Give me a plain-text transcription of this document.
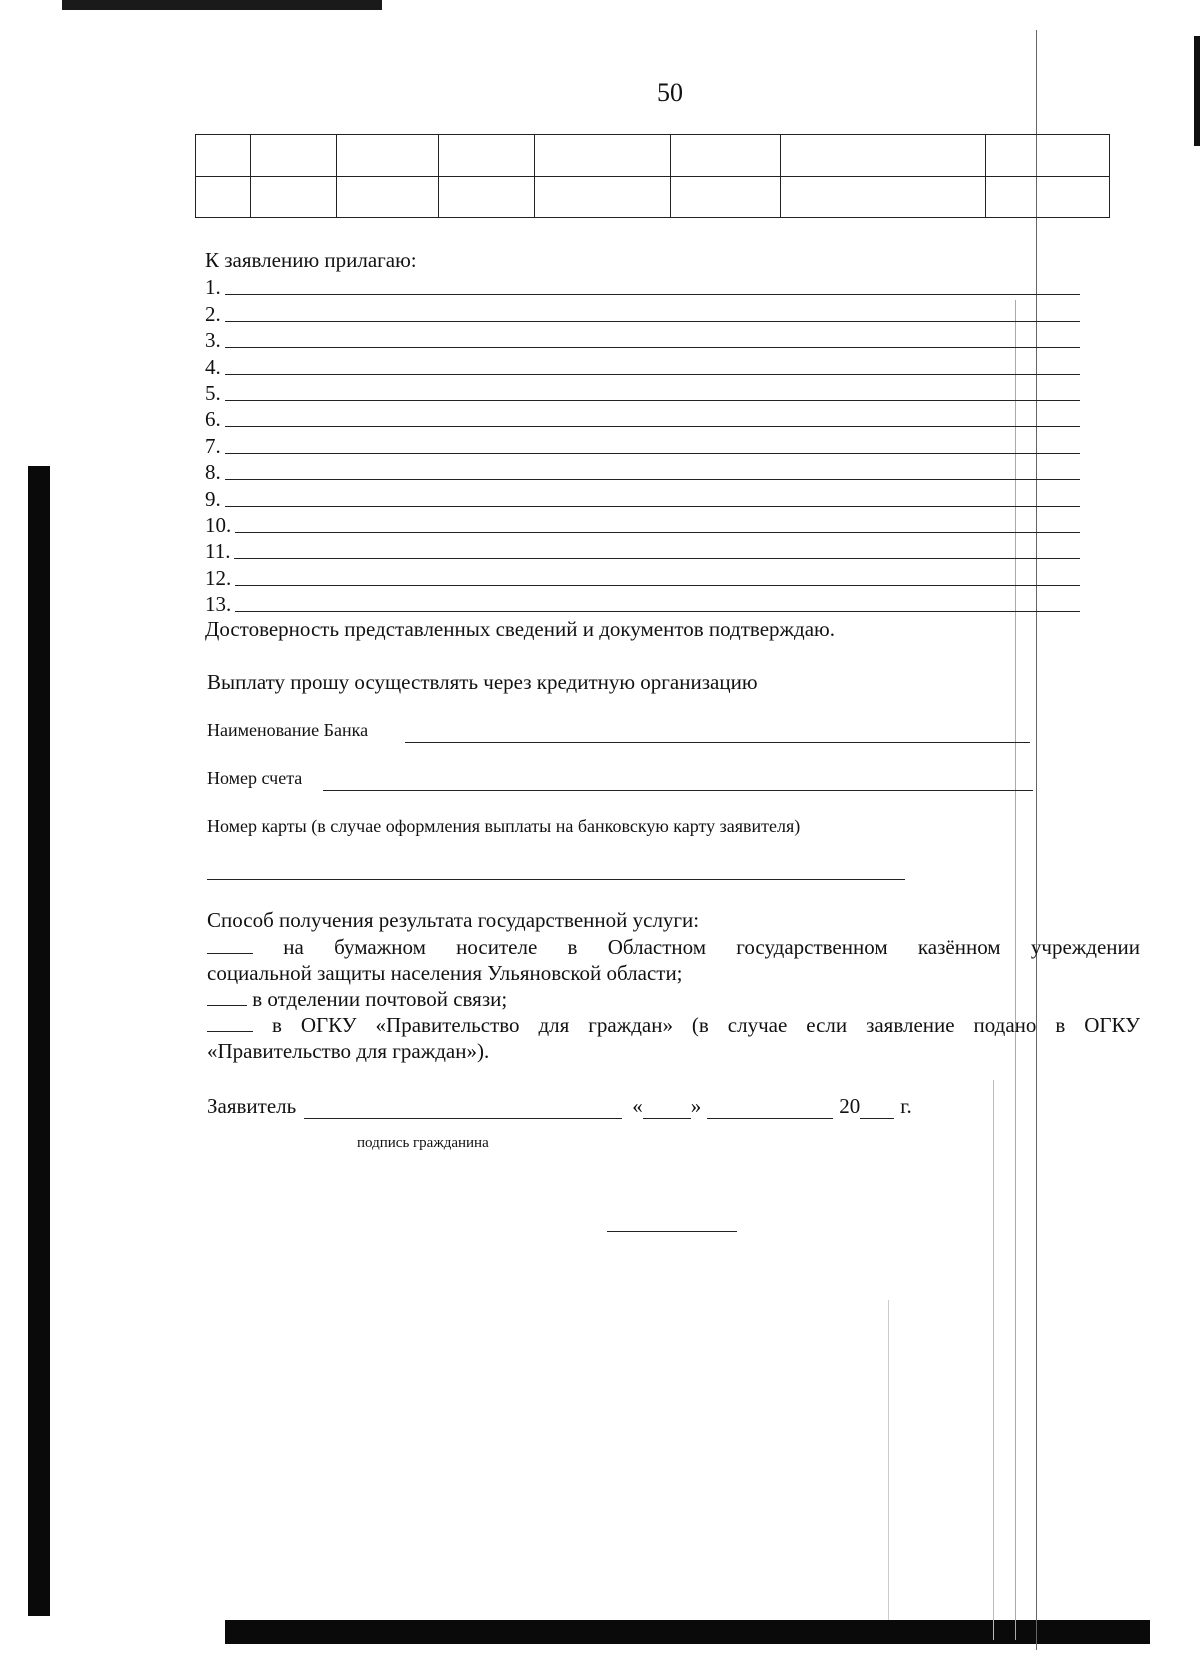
50

К заявлению прилагаю:
1.
2.
3.
4.
5.
6.
7.
8.
9.
10.
11.
12.
13.
Достоверность представленных сведений и документов подтверждаю.
Выплату прошу осуществлять через кредитную организацию
Наименование Банка
Номер счета
Номер карты (в случае оформления выплаты на банковскую карту заявителя)
Способ получения результата государственной услуги:

на бумажном носителе в Областном государственном казённом учреждении

социальной защиты населения Ульяновской области;

в отделении почтовой связи;

в ОГКУ «Правительство для граждан» (в случае если заявление подано в ОГКУ

«Правительство для граждан»).

Заявитель	« »	20 г.
подпись гражданина
